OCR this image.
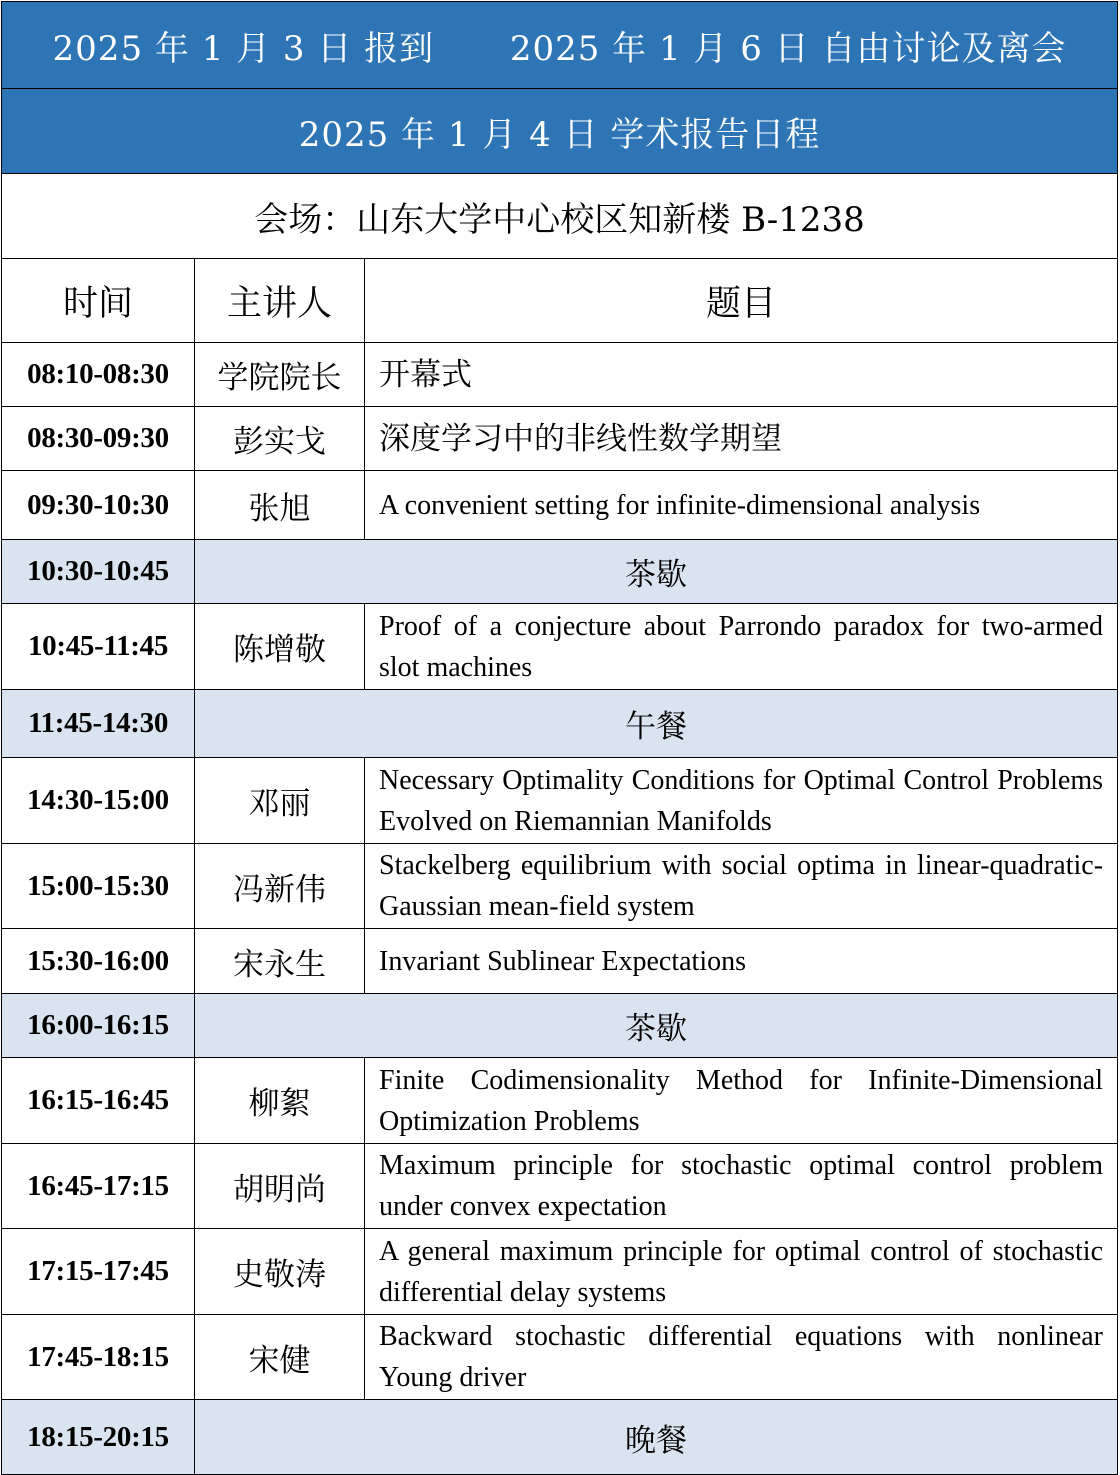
2025 年 1 月 3 日 报到 2025 年 1 月 6 日 自由讨论及离会		
2025 年 1 月 4 日 学术报告日程		
会场：山东大学中心校区知新楼 B-1238		
时间	主讲人	题目
08:10-08:30	学院院长	开幕式
08:30-09:30	彭实戈	深度学习中的非线性数学期望
09:30-10:30	张旭	A convenient setting for infinite-dimensional analysis
10:30-10:45	茶歇	
10:45-11:45	陈增敬	Proof of a conjecture about Parrondo paradox for two-armed slot machines
11:45-14:30	午餐	
14:30-15:00	邓丽	Necessary Optimality Conditions for Optimal Control Problems Evolved on Riemannian Manifolds
15:00-15:30	冯新伟	Stackelberg equilibrium with social optima in linear-quadratic-Gaussian mean-field system
15:30-16:00	宋永生	Invariant Sublinear Expectations
16:00-16:15	茶歇	
16:15-16:45	柳絮	Finite Codimensionality Method for Infinite-Dimensional Optimization Problems
16:45-17:15	胡明尚	Maximum principle for stochastic optimal control problem under convex expectation
17:15-17:45	史敬涛	A general maximum principle for optimal control of stochastic differential delay systems
17:45-18:15	宋健	Backward stochastic differential equations with nonlinear Young driver
18:15-20:15	晚餐	
